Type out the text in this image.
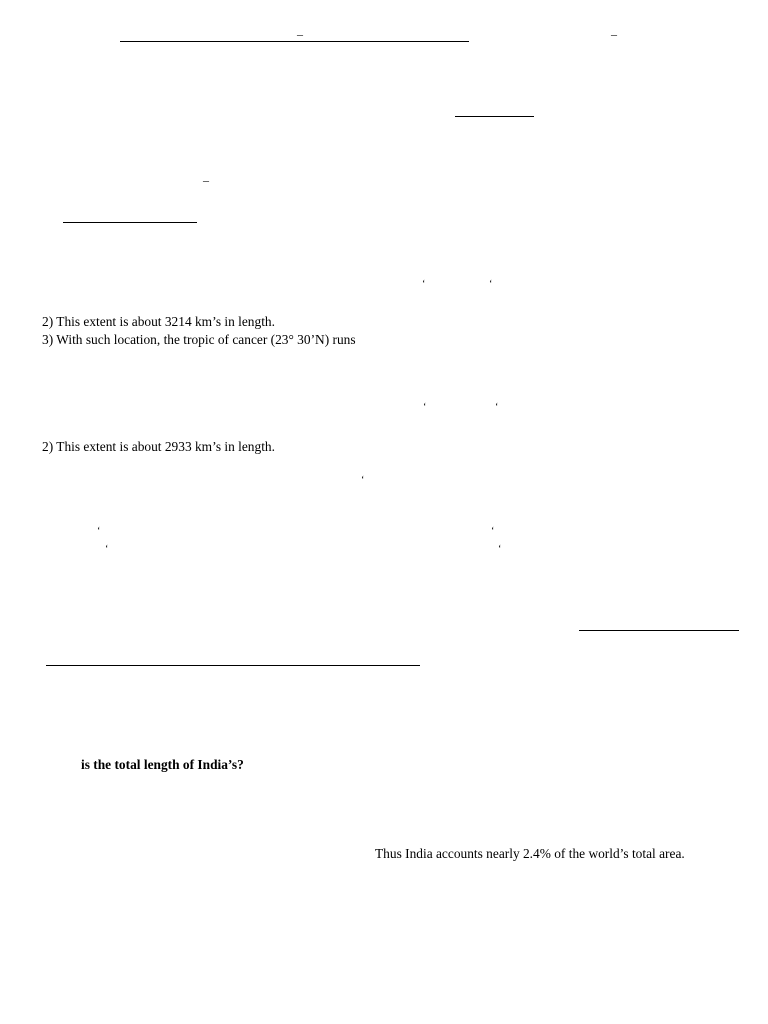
–	–
–
‘	‘
2) This extent is about 3214 km’s in length.
3) With such location, the tropic of cancer (23° 30’N) runs
‘	‘
2) This extent is about 2933 km’s in length.
‘
‘	‘
‘	‘
is the total length of India’s?
Thus India accounts nearly 2.4% of the world’s total area.
